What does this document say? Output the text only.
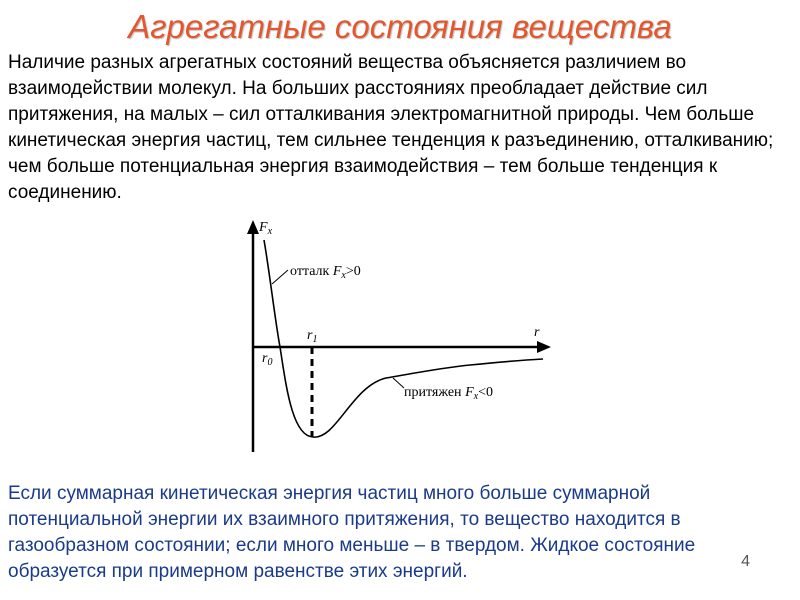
Агрегатные состояния вещества

Наличие разных агрегатных состояний вещества объясняется различием во взаимодействии молекул. На больших расстояниях преобладает действие сил притяжения, на малых – сил отталкивания электромагнитной природы. Чем больше кинетическая энергия частиц, тем сильнее тенденция к разъединению, отталкиванию; чем больше потенциальная энергия взаимодействия – тем больше тенденция к соединению.

$F_x$
r
$r_0$
$r_1$
отталк $F_x>0$
притяжен $F_x<0$

Если суммарная кинетическая энергия частиц много больше суммарной потенциальной энергии их взаимного притяжения, то вещество находится в газообразном состоянии; если много меньше – в твердом. Жидкое состояние образуется при примерном равенстве этих энергий.	4
